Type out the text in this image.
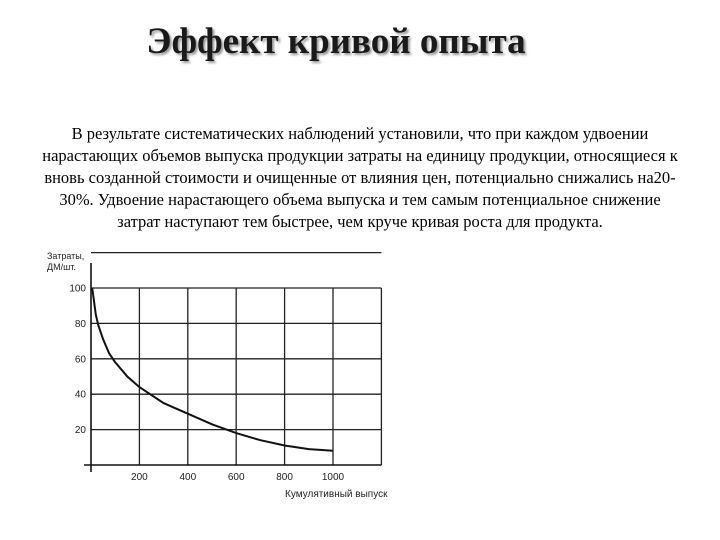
Эффект кривой опыта

В результате систематических наблюдений установили, что при каждом удвоении нарастающих объемов выпуска продукции затраты на единицу продукции, относящиеся к вновь созданной стоимости и очищенные от влияния цен, потенциально снижались на20-30%. Удвоение нарастающего объема выпуска и тем самым потенциальное снижение затрат наступают тем быстрее, чем круче кривая роста для продукта.

200	400	600	800	1000
20
40
60
80
100
Затраты,
ДМ/шт.
Кумулятивный выпуск
